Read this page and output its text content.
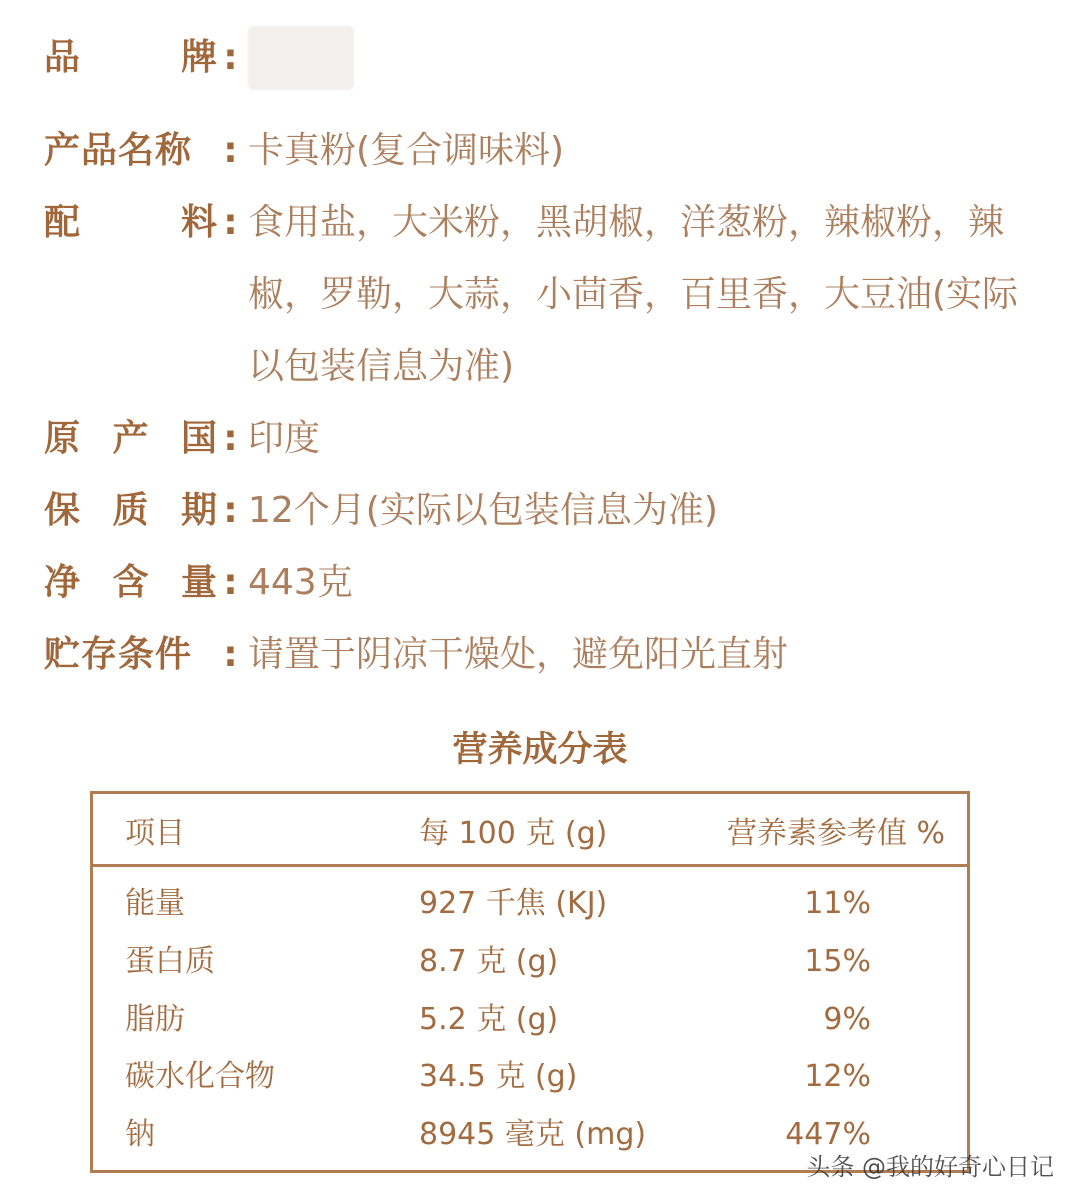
品	牌 :
产品名称 : 卡真粉(复合调味料)
配	料 : 食用盐，大米粉，黑胡椒，洋葱粉，辣椒粉，辣椒，罗勒，大蒜，小茴香，百里香，大豆油(实际以包装信息为准)
原 产 国 : 印度
保 质 期 : 12个月(实际以包装信息为准)
净 含 量 : 443克
贮存条件 : 请置于阴凉干燥处，避免阳光直射
营养成分表
项目	每 100 克 (g)	营养素参考值 %
能量	927 千焦 (KJ)	11%
蛋白质	8.7 克 (g)	15%
脂肪	5.2 克 (g)	9%
碳水化合物	34.5 克 (g)	12%
钠	8945 毫克 (mg)	447%
头条 @我的好奇心日记
